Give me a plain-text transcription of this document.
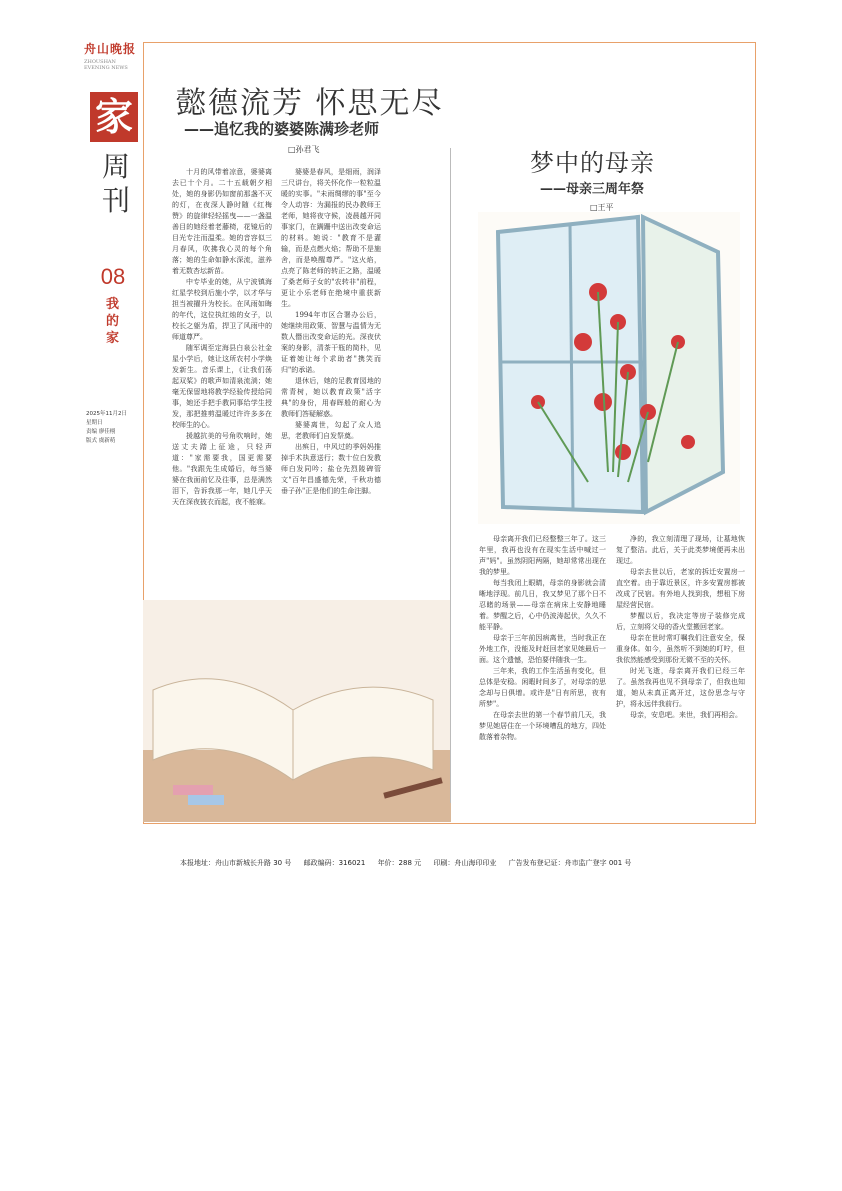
舟山晚报
ZHOUSHAN EVENING NEWS
家
周刊
08
我的家
2025年11月2日
星期日
责编 廖佳栩
版式 虞新萌
懿德流芳 怀思无尽
——追忆我的婆婆陈满珍老师
□孙君飞

十月的风带着凉意，婆婆离去已十个月。二十五载朝夕相处，她的身影仍如窗前那盏不灭的灯，在夜深人静时随《红梅赞》的旋律轻轻摇曳——一盏温善目的她经着老藤椅，花镜后的目光专注而温柔。她的音容似三月春风，吹拂我心灵的每个角落；她的生命如静水深流，滋养着无数杏坛新苗。

中专毕业的她，从宁波镇海红星学校到后施小学，以才华与担当被擢升为校长。在风雨如晦的年代，这位执红烛的女子，以校长之躯为盾，捍卫了风雨中的师道尊严。

随军调至定海县白泉公社金星小学后，她让这所农村小学焕发新生。音乐课上，《让我们荡起双桨》的歌声如清泉流淌；她毫无保留地将教学经验传授给同事，她还手把手教同事给学生授发，那把推剪温暖过许许多多在校师生的心。

援越抗美的号角吹响时，她送丈夫踏上征途，只轻声道："家需要我，国更需要他。"我跟先生成婚后，每当婆婆在我面前忆及往事，总是满然泪下，告诉我那一年，她几乎天天在深夜披衣而起，夜不能寐。

婆婆是春风，是细雨，润泽三尺讲台，将关怀化作一粒粒温暖的实事。"未雨绸缪的事"至今令人动容：为漏报的民办教师王老师，她将夜守候，凌晨越开同事家门，在蹒跚中送出改变命运的材料。她说："教育不是灌输，而是点燃火焰；帮助不是施舍，而是唤醒尊严。"这火焰，点亮了陈老师的转正之路，温暖了桑老师子女的"农转非"前程，更让小乐老师在绝境中重获新生。

1994年市区合署办公后，她继续用政策、智慧与温情为无数人僭出改变命运的光。深夜伏案的身影，清茶干瓶的简朴，见证着她让每个求助者"携笑而归"的承诺。

退休后，她的足教育园地的常青树，她以教育政策"活字典"的身份，用春晖般的耐心为教师们答疑解惑。

婆婆离世，勾起了众人追思，老教师们自发祭奠。

出殡日，中风过的季妈妈推掉手术执意送行；数十位白发教师白发同吟；盐仓先烈陵碑管文"百年昌盛德先荣，千秋功德垂子孙"正是他们的生命注脚。

梦中的母亲
——母亲三周年祭
□王平

母亲离开我们已经整整三年了。这三年里，我再也没有在现实生活中喊过一声"妈"。虽然阴阳两隔，她却常常出现在我的梦里。

每当我闭上眼睛，母亲的身影就会清晰地浮现。前几日，我又梦见了那个日不忍睹的场景——母亲在病床上安静地睡着。梦醒之后，心中仍波涛起伏，久久不能平静。

母亲于三年前因病离世，当时我正在外地工作，没能及时赶回老家见她最后一面。这个遗憾，恐怕要伴随我一生。

三年来，我的工作生活虽有变化，但总体是安稳。闲暇时间多了，对母亲的思念却与日俱增。或许是"日有所思，夜有所梦"。

在母亲去世的第一个春节前几天，我梦见她居住在一个环境嘈乱的地方，四处散落着杂物。

净的，我立刻清理了现场，让墓地恢复了整洁。此后，关于此类梦境便再未出现过。

母亲去世以后，老家的拆迁安置房一直空着。由于靠近景区，许多安置房都被改成了民宿。有外地人找到我，想租下房屋经营民宿。

梦醒以后，我决定等房子装修完成后，立刻将父母的香火堂搬回老家。

母亲在世时常叮嘱我们注意安全，保重身体。如今，虽然听不到她的叮咛，但我依然能感受到那份无微不至的关怀。

时光飞逝，母亲离开我们已经三年了。虽然我再也见不到母亲了，但我也知道，她从未真正离开过，这份思念与守护，将永远伴我前行。

母亲，安息吧。来世，我们再相会。

本报地址：舟山市新城长升路 30 号 邮政编码：316021 年价：288 元 印刷：舟山海印印业 广告发布登记证：舟市监广登字 001 号
